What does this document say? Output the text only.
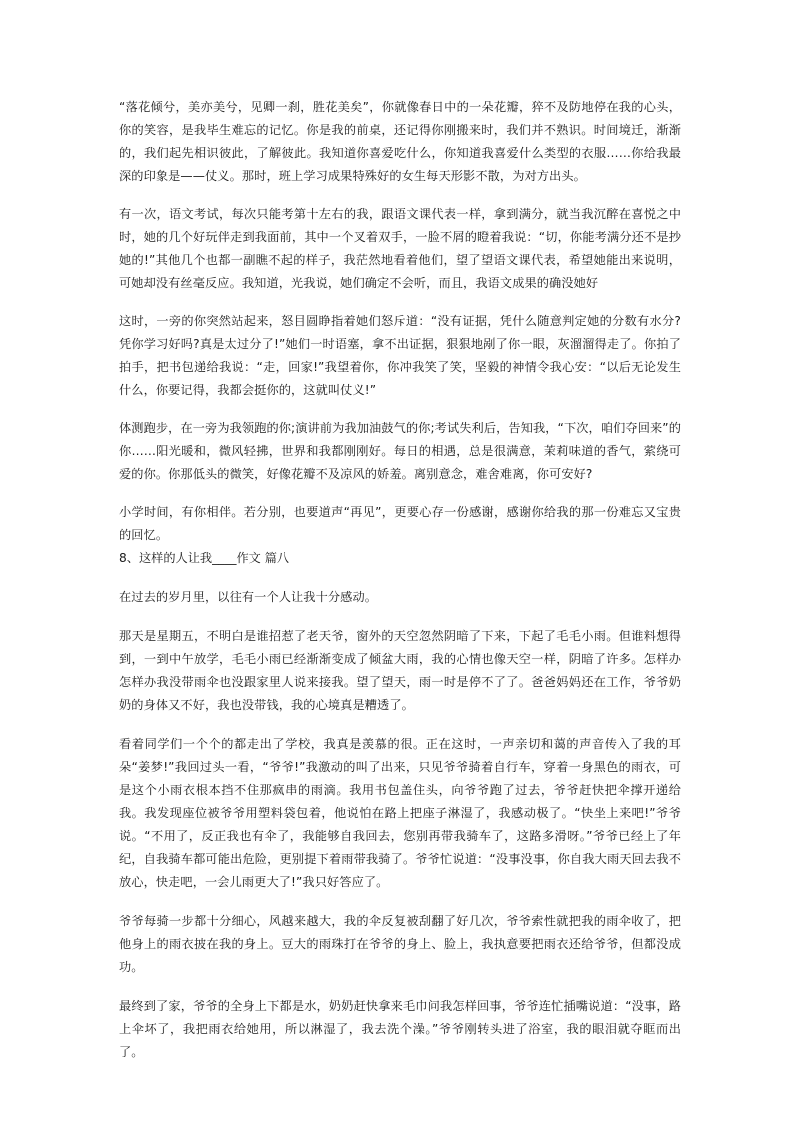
“落花倾兮，美亦美兮，见卿一刹，胜花美矣”，你就像春日中的一朵花瓣，猝不及防地停在我的心头，你的笑容，是我毕生难忘的记忆。你是我的前桌，还记得你刚搬来时，我们并不熟识。时间境迁，渐渐的，我们起先相识彼此，了解彼此。我知道你喜爱吃什么，你知道我喜爱什么类型的衣服……你给我最深的印象是——仗义。那时，班上学习成果特殊好的女生每天形影不散，为对方出头。

有一次，语文考试，每次只能考第十左右的我，跟语文课代表一样，拿到满分，就当我沉醉在喜悦之中时，她的几个好玩伴走到我面前，其中一个叉着双手，一脸不屑的瞪着我说：“切，你能考满分还不是抄她的!”其他几个也都一副瞧不起的样子，我茫然地看着他们，望了望语文课代表，希望她能出来说明，可她却没有丝毫反应。我知道，光我说，她们确定不会听，而且，我语文成果的确没她好

这时，一旁的你突然站起来，怒目圆睁指着她们怒斥道：“没有证据，凭什么随意判定她的分数有水分?凭你学习好吗?真是太过分了!”她们一时语塞，拿不出证据，狠狠地剐了你一眼，灰溜溜得走了。你拍了拍手，把书包递给我说：“走，回家!”我望着你，你冲我笑了笑，坚毅的神情令我心安：“以后无论发生什么，你要记得，我都会挺你的，这就叫仗义!”

体测跑步，在一旁为我领跑的你;演讲前为我加油鼓气的你;考试失利后，告知我，“下次，咱们夺回来”的你……阳光暖和，微风轻拂，世界和我都刚刚好。每日的相遇，总是很满意，茉莉味道的香气，萦绕可爱的你。你那低头的微笑，好像花瓣不及凉风的娇羞。离别意念，难舍难离，你可安好?

小学时间，有你相伴。若分别，也要道声“再见”，更要心存一份感谢，感谢你给我的那一份难忘又宝贵的回忆。

8、这样的人让我____作文 篇八

在过去的岁月里，以往有一个人让我十分感动。

那天是星期五，不明白是谁招惹了老天爷，窗外的天空忽然阴暗了下来，下起了毛毛小雨。但谁料想得到，一到中午放学，毛毛小雨已经渐渐变成了倾盆大雨，我的心情也像天空一样，阴暗了许多。怎样办怎样办我没带雨伞也没跟家里人说来接我。望了望天，雨一时是停不了了。爸爸妈妈还在工作，爷爷奶奶的身体又不好，我也没带钱，我的心境真是糟透了。

看着同学们一个个的都走出了学校，我真是羡慕的很。正在这时，一声亲切和蔼的声音传入了我的耳朵“姜梦!”我回过头一看，“爷爷!”我激动的叫了出来，只见爷爷骑着自行车，穿着一身黑色的雨衣，可是这个小雨衣根本挡不住那疯串的雨滴。我用书包盖住头，向爷爷跑了过去，爷爷赶快把伞撑开递给我。我发现座位被爷爷用塑料袋包着，他说怕在路上把座子淋湿了，我感动极了。“快坐上来吧!”爷爷说。“不用了，反正我也有伞了，我能够自我回去，您别再带我骑车了，这路多滑呀。”爷爷已经上了年纪，自我骑车都可能出危险，更别提下着雨带我骑了。爷爷忙说道：“没事没事，你自我大雨天回去我不放心，快走吧，一会儿雨更大了!”我只好答应了。

爷爷每骑一步都十分细心，风越来越大，我的伞反复被刮翻了好几次，爷爷索性就把我的雨伞收了，把他身上的雨衣披在我的身上。豆大的雨珠打在爷爷的身上、脸上，我执意要把雨衣还给爷爷，但都没成功。

最终到了家，爷爷的全身上下都是水，奶奶赶快拿来毛巾问我怎样回事，爷爷连忙插嘴说道：“没事，路上伞坏了，我把雨衣给她用，所以淋湿了，我去洗个澡。”爷爷刚转头进了浴室，我的眼泪就夺眶而出了。
